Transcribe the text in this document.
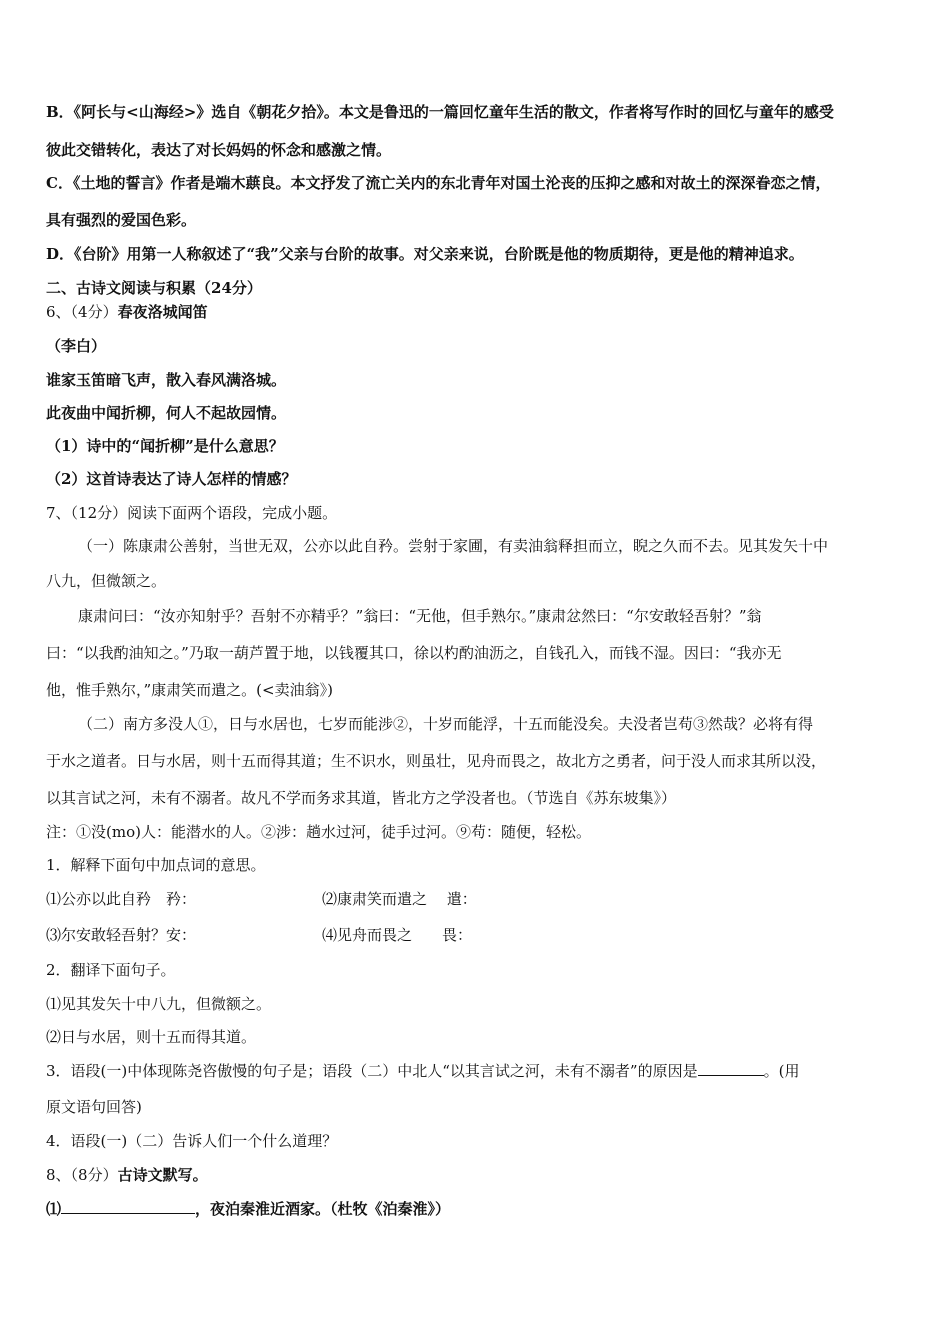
B．《阿长与<山海经>》选自《朝花夕拾》。本文是鲁迅的一篇回忆童年生活的散文，作者将写作时的回忆与童年的感受
彼此交错转化，表达了对长妈妈的怀念和感激之情。
C．《土地的誓言》作者是端木蕻良。本文抒发了流亡关内的东北青年对国土沦丧的压抑之感和对故土的深深眷恋之情，
具有强烈的爱国色彩。
D．《台阶》用第一人称叙述了“我”父亲与台阶的故事。对父亲来说，台阶既是他的物质期待，更是他的精神追求。
二、古诗文阅读与积累（24分）
6、（4分）春夜洛城闻笛
（李白）
谁家玉笛暗飞声，散入春风满洛城。
此夜曲中闻折柳，何人不起故园情。
（1）诗中的“闻折柳”是什么意思？
（2）这首诗表达了诗人怎样的情感？
7、（12分）阅读下面两个语段，完成小题。
（一）陈康肃公善射，当世无双，公亦以此自矜。尝射于家圃，有卖油翁释担而立，睨之久而不去。见其发矢十中
八九，但微颔之。
康肃问曰：“汝亦知射乎？吾射不亦精乎？”翁曰：“无他，但手熟尔。”康肃忿然曰：“尔安敢轻吾射？”翁
曰：“以我酌油知之。”乃取一葫芦置于地，以钱覆其口，徐以杓酌油沥之，自钱孔入，而钱不湿。因曰：“我亦无
他，惟手熟尔，”康肃笑而遣之。(<卖油翁》)
（二）南方多没人①，日与水居也，七岁而能涉②，十岁而能浮，十五而能没矣。夫没者岂苟③然哉？必将有得
于水之道者。日与水居，则十五而得其道；生不识水，则虽壮，见舟而畏之，故北方之勇者，问于没人而求其所以没，
以其言试之河，未有不溺者。故凡不学而务求其道，皆北方之学没者也。（节选自《苏东坡集》）
注：①没(mo)人：能潜水的人。②涉：趟水过河，徒手过河。⑨苟：随便，轻松。
1．解释下面句中加点词的意思。
⑴公亦以此自矜　矜：	⑵康肃笑而遣之　 遣：
⑶尔安敢轻吾射？安：	⑷见舟而畏之　　畏：
2．翻译下面句子。
⑴见其发矢十中八九，但微额之。
⑵日与水居，则十五而得其道。
3．语段(一)中体现陈尧咨傲慢的句子是；语段（二）中北人“以其言试之河，未有不溺者”的原因是	。(用
原文语句回答)
4．语段(一)（二）告诉人们一个什么道理？
8、（8分）古诗文默写。
⑴	，夜泊秦淮近酒家。（杜牧《泊秦淮》）
